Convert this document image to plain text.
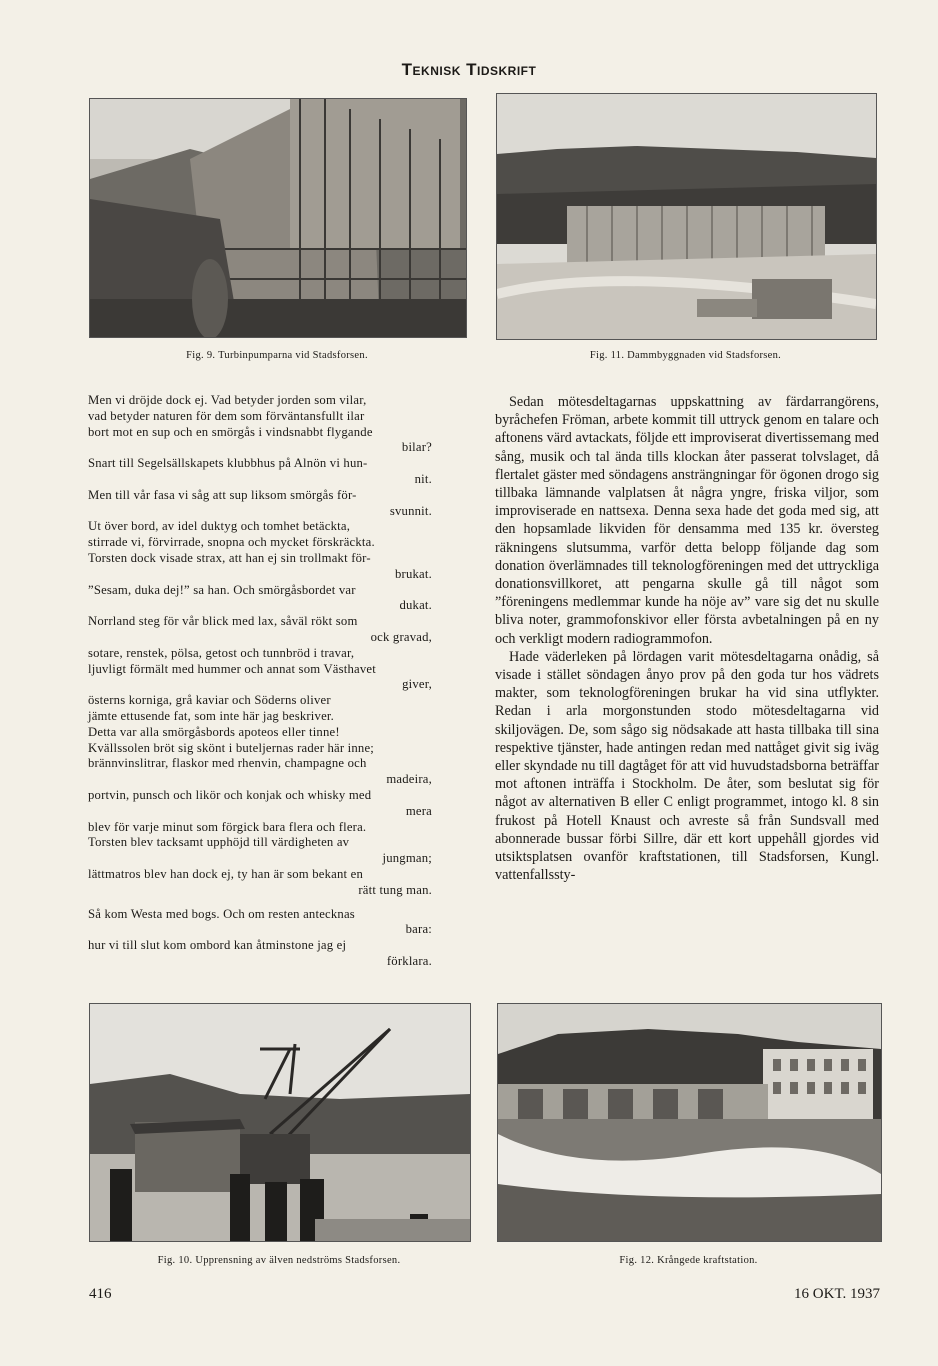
Teknisk Tidskrift
Fig. 9. Turbinpumparna vid Stadsforsen.	Fig. 11. Dammbyggnaden vid Stadsforsen.
Men vi dröjde dock ej. Vad betyder jorden som vilar,
vad betyder naturen för dem som förväntansfullt ilar
bort mot en sup och en smörgås i vindsnabbt flygande
bilar?
Snart till Segelsällskapets klubbhus på Alnön vi hun-
nit.
Men till vår fasa vi såg att sup liksom smörgås för-
svunnit.
Ut över bord, av idel duktyg och tomhet betäckta,
stirrade vi, förvirrade, snopna och mycket förskräckta.
Torsten dock visade strax, att han ej sin trollmakt för-
brukat.
”Sesam, duka dej!” sa han. Och smörgåsbordet var
dukat.
Norrland steg för vår blick med lax, såväl rökt som
ock gravad,
sotare, renstek, pölsa, getost och tunnbröd i travar,
ljuvligt förmält med hummer och annat som Västhavet
giver,
österns korniga, grå kaviar och Söderns oliver
jämte ettusende fat, som inte här jag beskriver.
Detta var alla smörgåsbords apoteos eller tinne!
Kvällssolen bröt sig skönt i buteljernas rader här inne;
brännvinslitrar, flaskor med rhenvin, champagne och
madeira,
portvin, punsch och likör och konjak och whisky med
mera
blev för varje minut som förgick bara flera och flera.
Torsten blev tacksamt upphöjd till värdigheten av
jungman;
lättmatros blev han dock ej, ty han är som bekant en
rätt tung man.
Så kom Westa med bogs. Och om resten antecknas
bara:
hur vi till slut kom ombord kan åtminstone jag ej
förklara.

Sedan mötesdeltagarnas uppskattning av färdarrangörens, byråchefen Fröman, arbete kommit till uttryck genom en talare och aftonens värd avtackats, följde ett improviserat divertissemang med sång, musik och tal ända tills klockan åter passerat tolvslaget, då flertalet gäster med söndagens ansträngningar för ögonen drogo sig tillbaka lämnande valplatsen åt några yngre, friska viljor, som improviserade en nattsexa. Denna sexa hade det goda med sig, att den hopsamlade likviden för densamma med 135 kr. översteg räkningens slutsumma, varför detta belopp följande dag som donation överlämnades till teknologföreningen med det uttryckliga donationsvillkoret, att pengarna skulle gå till något som ”föreningens medlemmar kunde ha nöje av” vare sig det nu skulle bliva noter, grammofonskivor eller första avbetalningen på en ny och verkligt modern radiogrammofon.

Hade väderleken på lördagen varit mötesdeltagarna onådig, så visade i stället söndagen ånyo prov på den goda tur hos vädrets makter, som teknologföreningen brukar ha vid sina utflykter. Redan i arla morgonstunden stodo mötesdeltagarna vid skiljovägen. De, som sågo sig nödsakade att hasta tillbaka till sina respektive tjänster, hade antingen redan med nattåget givit sig iväg eller skyndade nu till dagtåget för att vid huvudstadsborna beträffar mot aftonen inträffa i Stockholm. De åter, som beslutat sig för något av alternativen B eller C enligt programmet, intogo kl. 8 sin frukost på Hotell Knaust och avreste så från Sundsvall med abonnerade bussar förbi Sillre, där ett kort uppehåll gjordes vid utsiktsplatsen ovanför kraftstationen, till Stadsforsen, Kungl. vattenfallssty-

Fig. 10. Upprensning av älven nedströms Stadsforsen.	Fig. 12. Krångede kraftstation.
416	16 OKT. 1937
